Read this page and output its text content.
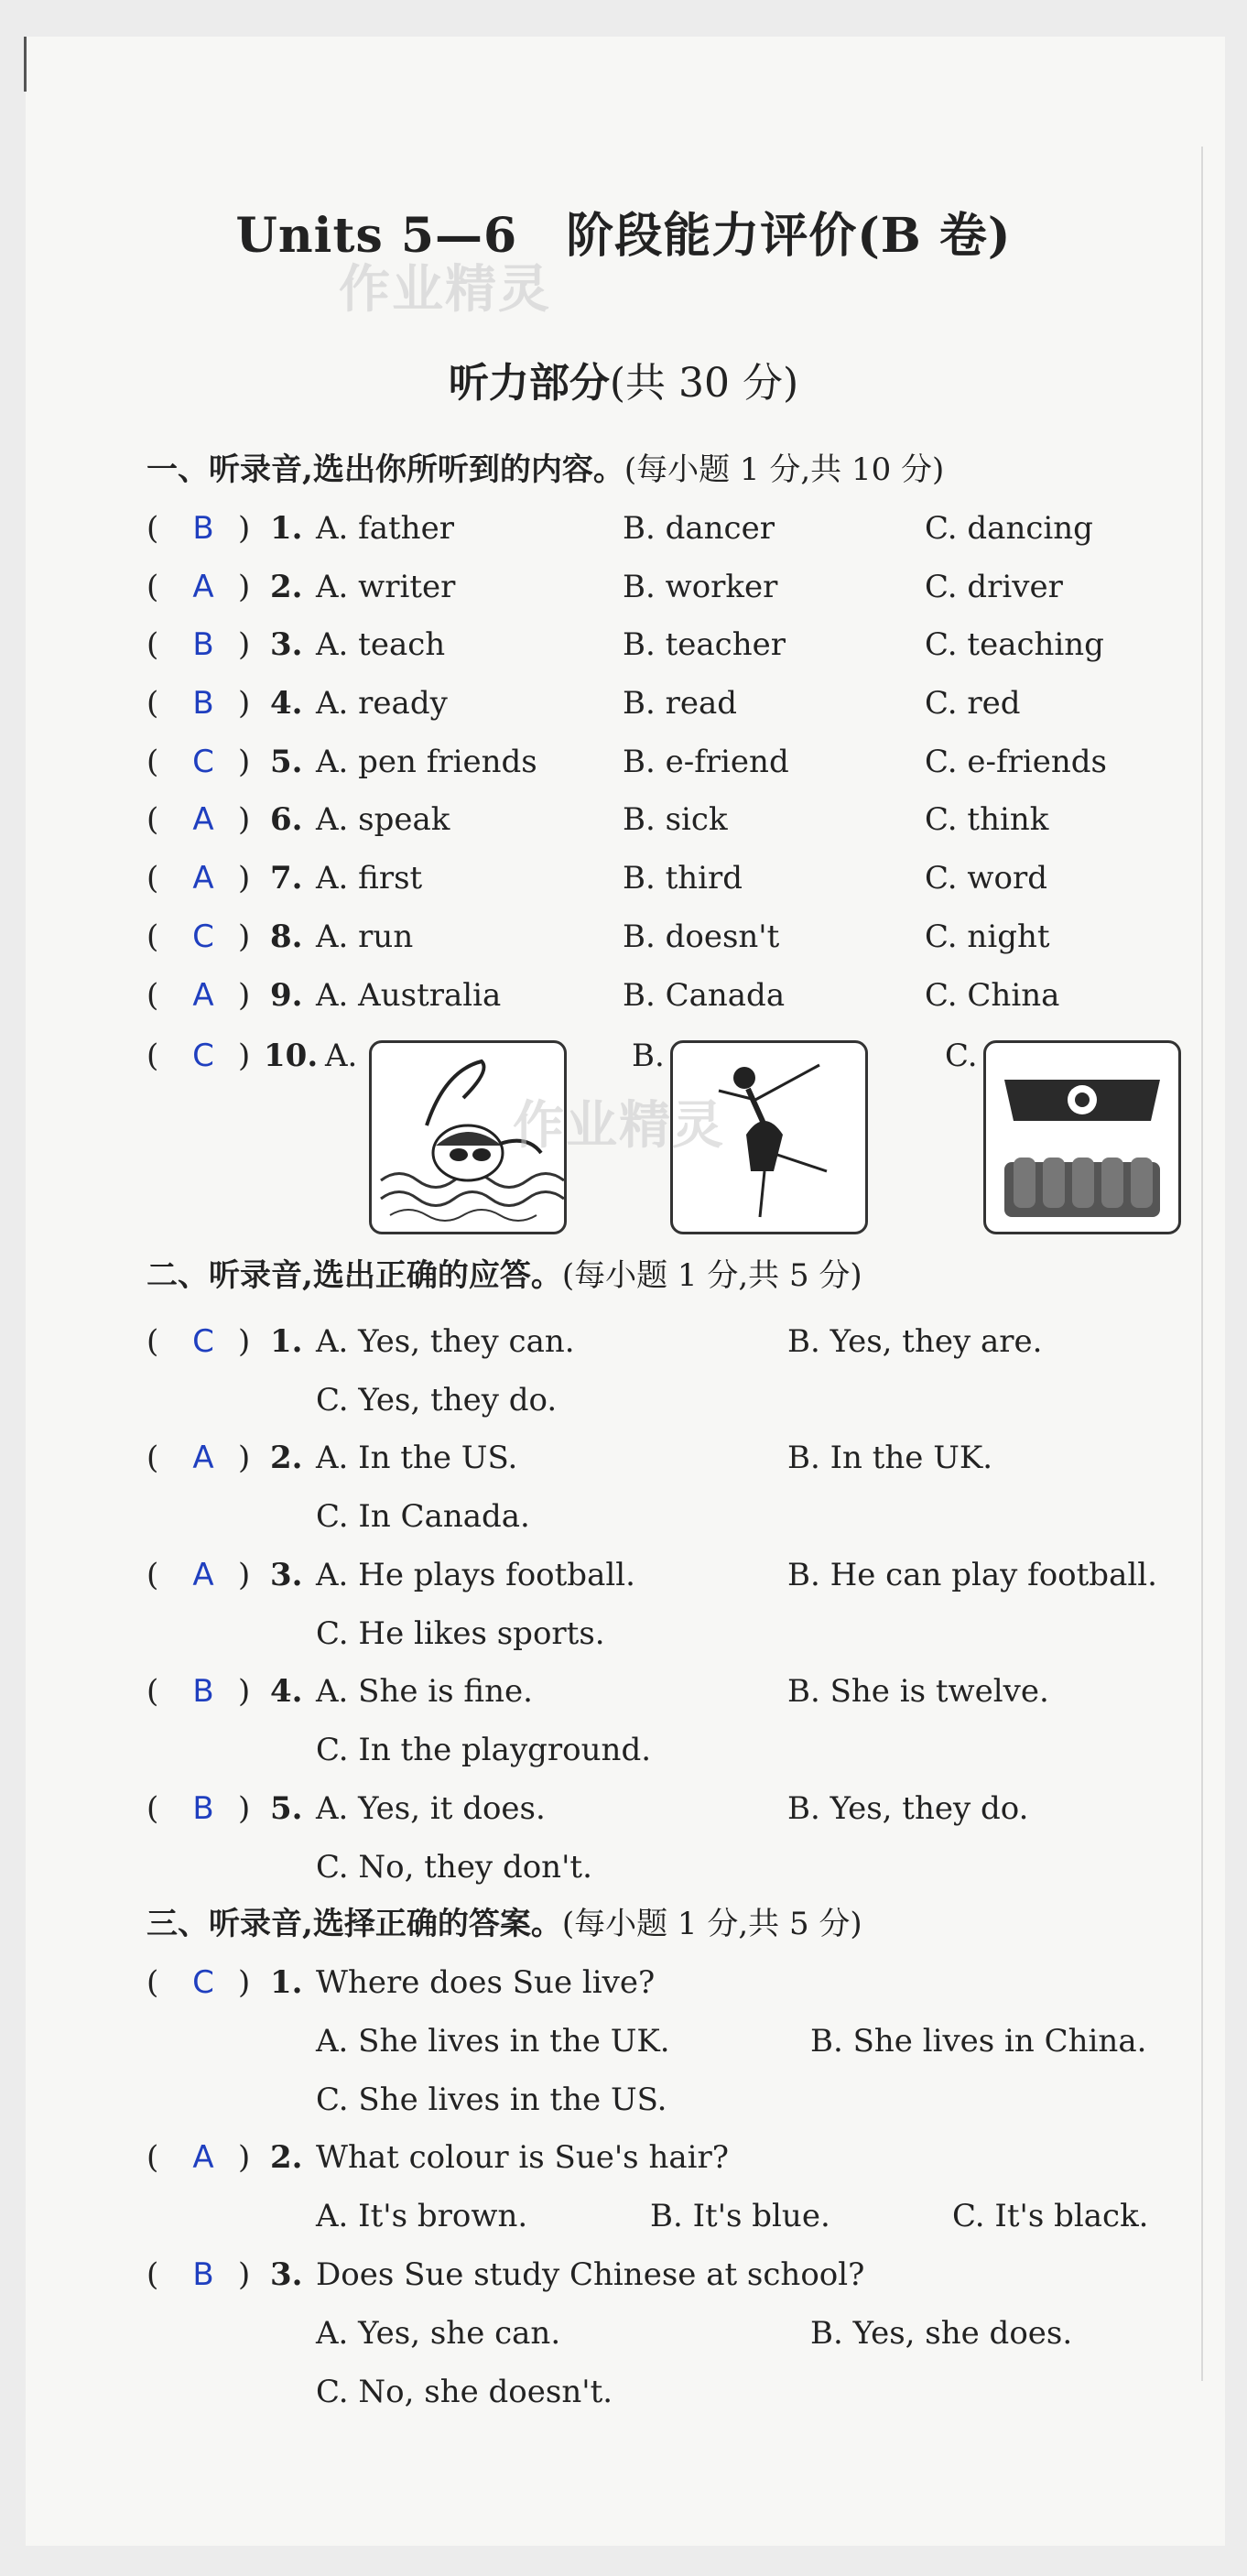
Units 5—6　阶段能力评价(B 卷)
作业精灵
听力部分(共 30 分)
一、听录音,选出你所听到的内容。(每小题 1 分,共 10 分)
( B ) 1. A. father	B. dancer	C. dancing
( A ) 2. A. writer	B. worker	C. driver
( B ) 3. A. teach	B. teacher	C. teaching
( B ) 4. A. ready	B. read	C. red
( C ) 5. A. pen friends	B. e-friend	C. e-friends
( A ) 6. A. speak	B. sick	C. think
( A ) 7. A. first	B. third	C. word
( C ) 8. A. run	B. doesn't	C. night
( A ) 9. A. Australia	B. Canada	C. China
( C ) 10. A.	B.	C.
作业精灵
二、听录音,选出正确的应答。(每小题 1 分,共 5 分)
( C ) 1. A. Yes, they can.	B. Yes, they are.
C. Yes, they do.
( A ) 2. A. In the US.	B. In the UK.
C. In Canada.
( A ) 3. A. He plays football.	B. He can play football.
C. He likes sports.
( B ) 4. A. She is fine.	B. She is twelve.
C. In the playground.
( B ) 5. A. Yes, it does.	B. Yes, they do.
C. No, they don't.
三、听录音,选择正确的答案。(每小题 1 分,共 5 分)
( C ) 1. Where does Sue live?
A. She lives in the UK.	B. She lives in China.
C. She lives in the US.
( A ) 2. What colour is Sue's hair?
A. It's brown.	B. It's blue.	C. It's black.
( B ) 3. Does Sue study Chinese at school?
A. Yes, she can.	B. Yes, she does.
C. No, she doesn't.
